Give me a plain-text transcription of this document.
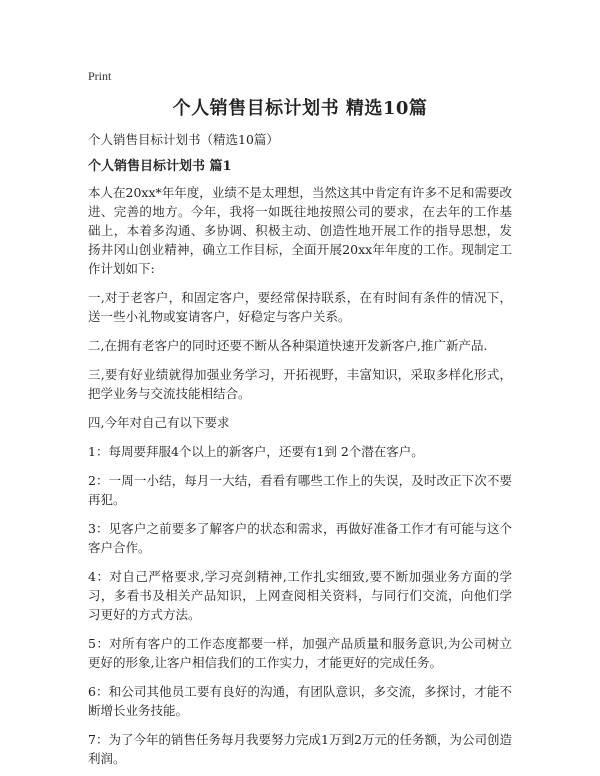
Print
个人销售目标计划书 精选10篇
个人销售目标计划书（精选10篇）
个人销售目标计划书 篇1
本人在20xx*年年度，业绩不是太理想，当然这其中肯定有许多不足和需要改进、完善的地方。今年，我将一如既往地按照公司的要求，在去年的工作基础上，本着多沟通、多协调、积极主动、创造性地开展工作的指导思想，发扬井冈山创业精神，确立工作目标，全面开展20xx年年度的工作。现制定工作计划如下:
一,对于老客户，和固定客户，要经常保持联系，在有时间有条件的情况下，送一些小礼物或宴请客户，好稳定与客户关系。
二,在拥有老客户的同时还要不断从各种渠道快速开发新客户,推广新产品.
三,要有好业绩就得加强业务学习，开拓视野，丰富知识，采取多样化形式，把学业务与交流技能相结合。
四,今年对自己有以下要求
1：每周要拜服4个以上的新客户，还要有1到 2个潜在客户。
2：一周一小结，每月一大结，看看有哪些工作上的失误，及时改正下次不要再犯。
3：见客户之前要多了解客户的状态和需求，再做好准备工作才有可能与这个客户合作。
4：对自己严格要求,学习亮剑精神,工作扎实细致,要不断加强业务方面的学习，多看书及相关产品知识，上网查阅相关资料，与同行们交流，向他们学习更好的方式方法。
5：对所有客户的工作态度都要一样，加强产品质量和服务意识,为公司树立更好的形象,让客户相信我们的工作实力，才能更好的完成任务。
6：和公司其他员工要有良好的沟通，有团队意识，多交流，多探讨，才能不断增长业务技能。
7：为了今年的销售任务每月我要努力完成1万到2万元的任务额，为公司创造利润。
